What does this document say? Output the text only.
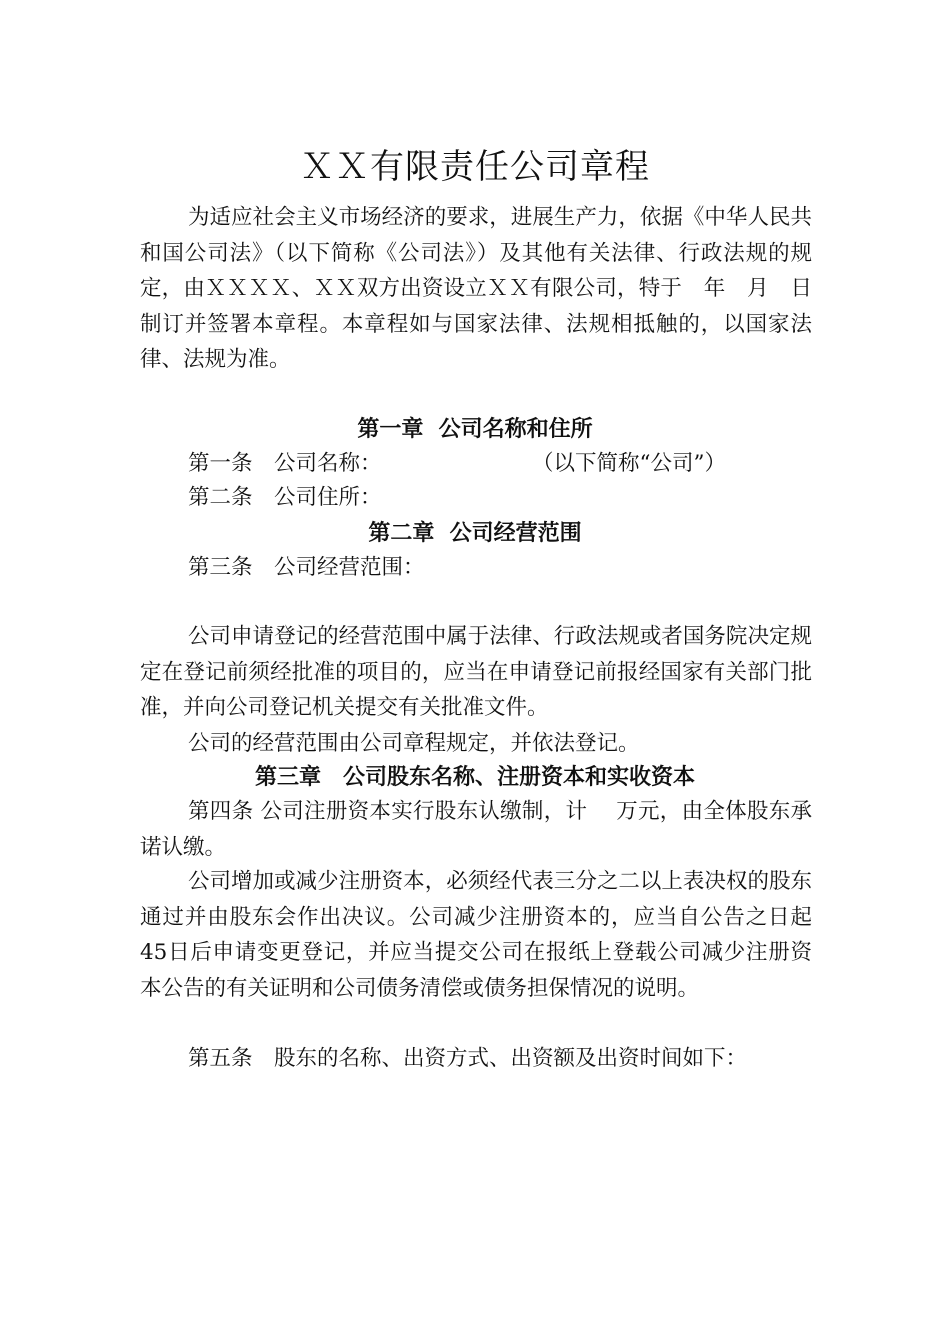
ＸＸ有限责任公司章程
为适应社会主义市场经济的要求，进展生产力，依据《中华人民共和国公司法》（以下简称《公司法》）及其他有关法律、行政法规的规定，由ＸＸＸＸ、ＸＸ双方出资设立ＸＸ有限公司，特于　年　月　日制订并签署本章程。本章程如与国家法律、法规相抵触的，以国家法律、法规为准。
第一章  公司名称和住所
第一条　公司名称：　　　　　　　　（以下简称“公司”）
第二条　公司住所：
第二章  公司经营范围
第三条　公司经营范围：
公司申请登记的经营范围中属于法律、行政法规或者国务院决定规定在登记前须经批准的项目的，应当在申请登记前报经国家有关部门批准，并向公司登记机关提交有关批准文件。
公司的经营范围由公司章程规定，并依法登记。
第三章　公司股东名称、注册资本和实收资本
第四条 公司注册资本实行股东认缴制，计　 万元，由全体股东承诺认缴。
公司增加或减少注册资本，必须经代表三分之二以上表决权的股东通过并由股东会作出决议。公司减少注册资本的，应当自公告之日起45日后申请变更登记，并应当提交公司在报纸上登载公司减少注册资本公告的有关证明和公司债务清偿或债务担保情况的说明。
第五条　股东的名称、出资方式、出资额及出资时间如下：
